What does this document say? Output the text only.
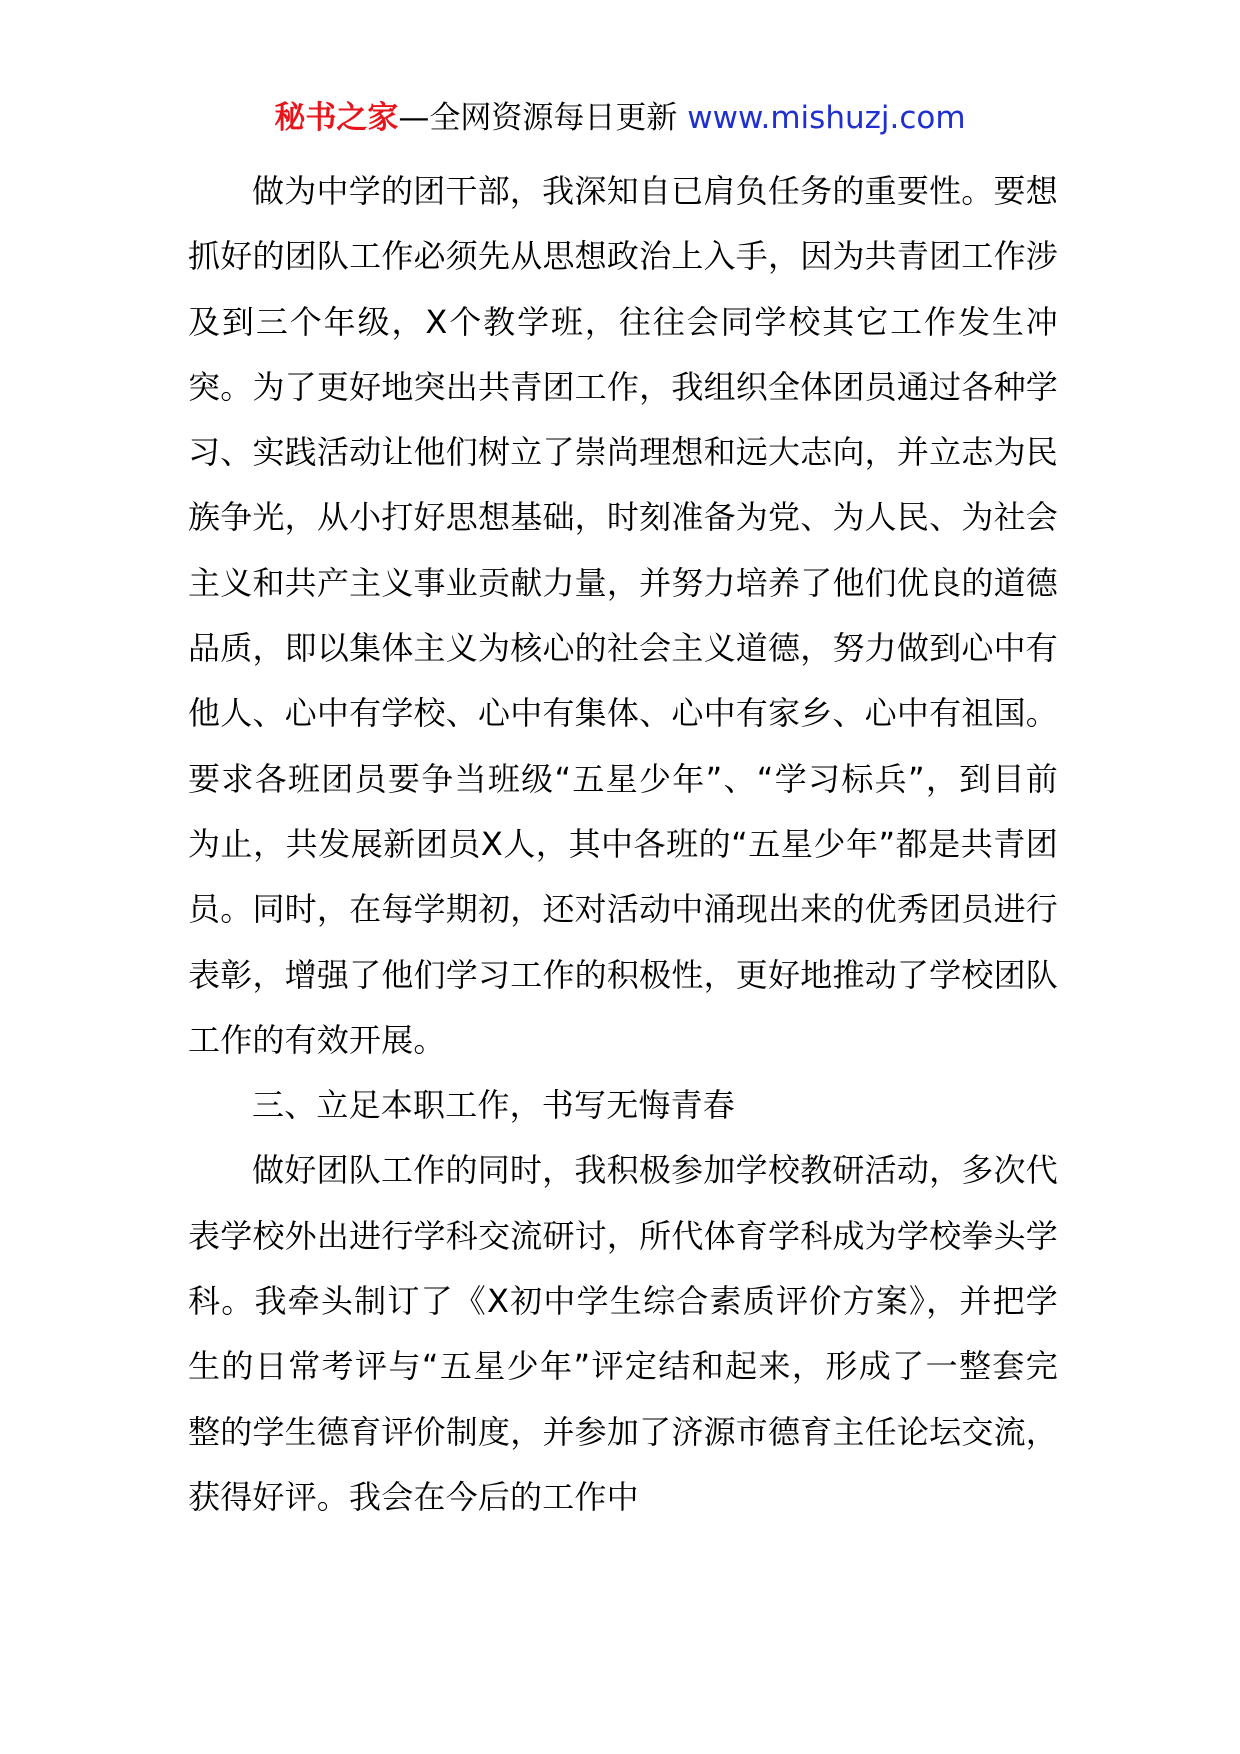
秘书之家—全网资源每日更新 www.mishuzj.com

做为中学的团干部，我深知自已肩负任务的重要性。要想抓好的团队工作必须先从思想政治上入手，因为共青团工作涉及到三个年级，X个教学班，往往会同学校其它工作发生冲突。为了更好地突出共青团工作，我组织全体团员通过各种学习、实践活动让他们树立了崇尚理想和远大志向，并立志为民族争光，从小打好思想基础，时刻准备为党、为人民、为社会主义和共产主义事业贡献力量，并努力培养了他们优良的道德品质，即以集体主义为核心的社会主义道德，努力做到心中有他人、心中有学校、心中有集体、心中有家乡、心中有祖国。要求各班团员要争当班级“五星少年”、“学习标兵”，到目前为止，共发展新团员X人，其中各班的“五星少年”都是共青团员。同时，在每学期初，还对活动中涌现出来的优秀团员进行表彰，增强了他们学习工作的积极性，更好地推动了学校团队工作的有效开展。

三、立足本职工作，书写无悔青春

做好团队工作的同时，我积极参加学校教研活动，多次代表学校外出进行学科交流研讨，所代体育学科成为学校拳头学科。我牵头制订了《X初中学生综合素质评价方案》，并把学生的日常考评与“五星少年”评定结和起来，形成了一整套完整的学生德育评价制度，并参加了济源市德育主任论坛交流，获得好评。我会在今后的工作中
